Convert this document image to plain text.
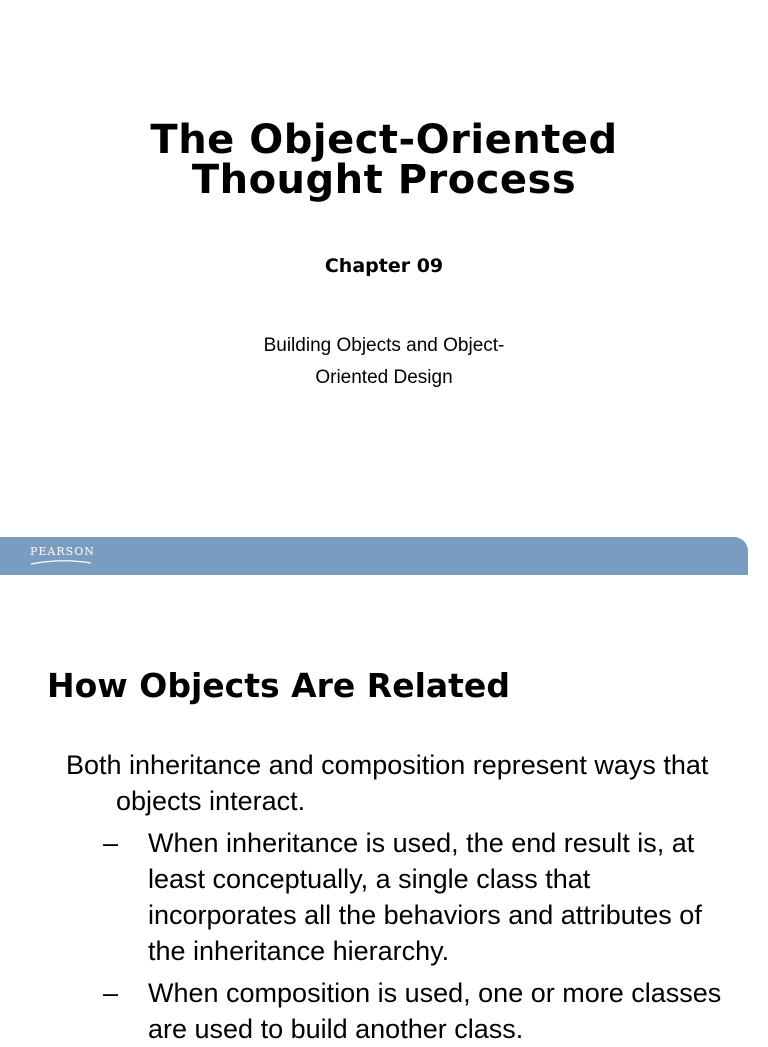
The Object-Oriented
Thought Process
Chapter 09
Building Objects and Object-
Oriented Design
PEARSON
How Objects Are Related

Both inheritance and composition represent ways that objects interact.

– When inheritance is used, the end result is, at least conceptually, a single class that incorporates all the behaviors and attributes of the inheritance hierarchy.
– When composition is used, one or more classes are used to build another class.
